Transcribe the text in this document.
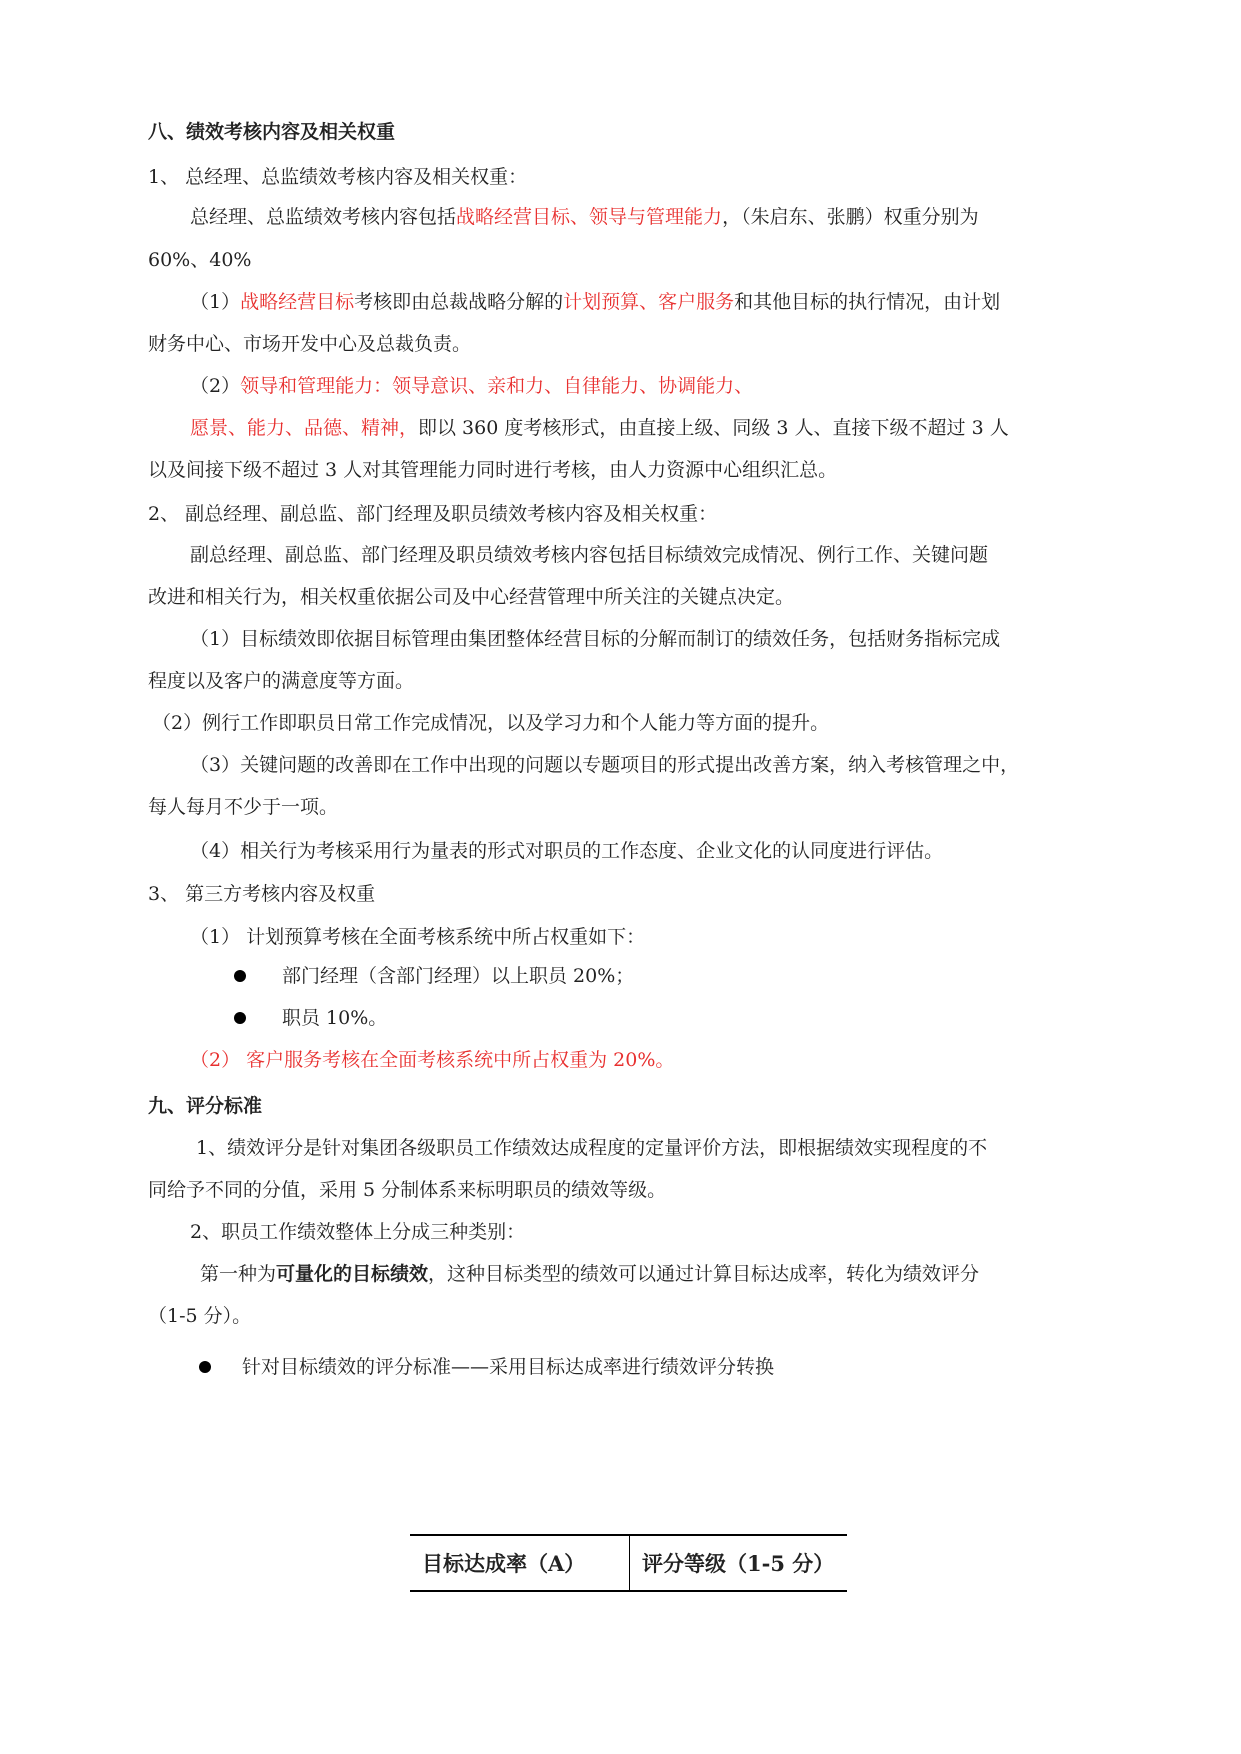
八、绩效考核内容及相关权重
1、 总经理、总监绩效考核内容及相关权重：
总经理、总监绩效考核内容包括战略经营目标、领导与管理能力，（朱启东、张鹏）权重分别为
60%、40%
（1）战略经营目标考核即由总裁战略分解的计划预算、客户服务和其他目标的执行情况，由计划
财务中心、市场开发中心及总裁负责。
（2）领导和管理能力：领导意识、亲和力、自律能力、协调能力、
愿景、能力、品德、精神，即以 360 度考核形式，由直接上级、同级 3 人、直接下级不超过 3 人
以及间接下级不超过 3 人对其管理能力同时进行考核，由人力资源中心组织汇总。
2、 副总经理、副总监、部门经理及职员绩效考核内容及相关权重：
副总经理、副总监、部门经理及职员绩效考核内容包括目标绩效完成情况、例行工作、关键问题
改进和相关行为，相关权重依据公司及中心经营管理中所关注的关键点决定。
（1）目标绩效即依据目标管理由集团整体经营目标的分解而制订的绩效任务，包括财务指标完成
程度以及客户的满意度等方面。
（2）例行工作即职员日常工作完成情况，以及学习力和个人能力等方面的提升。
（3）关键问题的改善即在工作中出现的问题以专题项目的形式提出改善方案，纳入考核管理之中，
每人每月不少于一项。
（4）相关行为考核采用行为量表的形式对职员的工作态度、企业文化的认同度进行评估。
3、 第三方考核内容及权重
（1） 计划预算考核在全面考核系统中所占权重如下：
部门经理（含部门经理）以上职员 20%；
职员 10%。
（2） 客户服务考核在全面考核系统中所占权重为 20%。
九、评分标准
1、绩效评分是针对集团各级职员工作绩效达成程度的定量评价方法，即根据绩效实现程度的不
同给予不同的分值，采用 5 分制体系来标明职员的绩效等级。
2、职员工作绩效整体上分成三种类别：
第一种为可量化的目标绩效，这种目标类型的绩效可以通过计算目标达成率，转化为绩效评分
（1-5 分）。
针对目标绩效的评分标准——采用目标达成率进行绩效评分转换
目标达成率（A）	评分等级（1-5 分）
